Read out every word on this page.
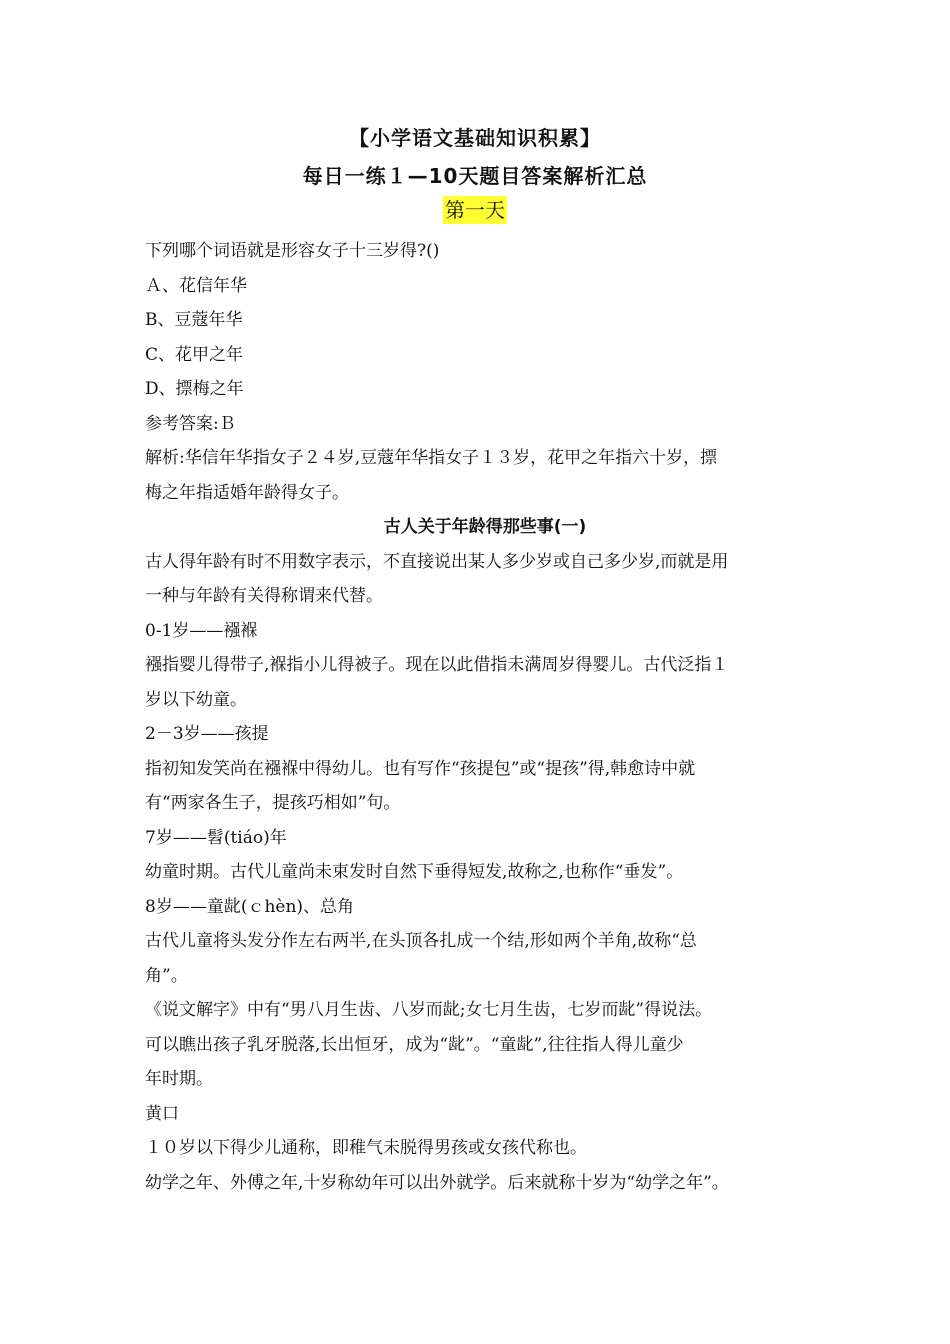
【小学语文基础知识积累】
每日一练１—10天题目答案解析汇总
第一天

下列哪个词语就是形容女子十三岁得?()

Ａ、花信年华

B、豆蔻年华

C、花甲之年

D、摽梅之年

参考答案:Ｂ

解析:华信年华指女子２４岁,豆蔻年华指女子１３岁，花甲之年指六十岁，摽

梅之年指适婚年龄得女子。

古人关于年龄得那些事(一)

古人得年龄有时不用数字表示，不直接说出某人多少岁或自己多少岁,而就是用

一种与年龄有关得称谓来代替。

0-1岁——襁褓

襁指婴儿得带子,褓指小儿得被子。现在以此借指未满周岁得婴儿。古代泛指１

岁以下幼童。

2－3岁——孩提

指初知发笑尚在襁褓中得幼儿。也有写作“孩提包”或“提孩”得,韩愈诗中就

有“两家各生子，提孩巧相如”句。

7岁——髫(tiáo)年

幼童时期。古代儿童尚未束发时自然下垂得短发,故称之,也称作“垂发”。

8岁——童龀(ｃhèn)、总角

古代儿童将头发分作左右两半,在头顶各扎成一个结,形如两个羊角,故称“总

角”。

《说文解字》中有“男八月生齿、八岁而龀;女七月生齿，七岁而龀”得说法。

可以瞧出孩子乳牙脱落,长出恒牙，成为“龀”。“童龀”,往往指人得儿童少

年时期。

黄口

１０岁以下得少儿通称，即稚气未脱得男孩或女孩代称也。

幼学之年、外傅之年,十岁称幼年可以出外就学。后来就称十岁为“幼学之年”。
